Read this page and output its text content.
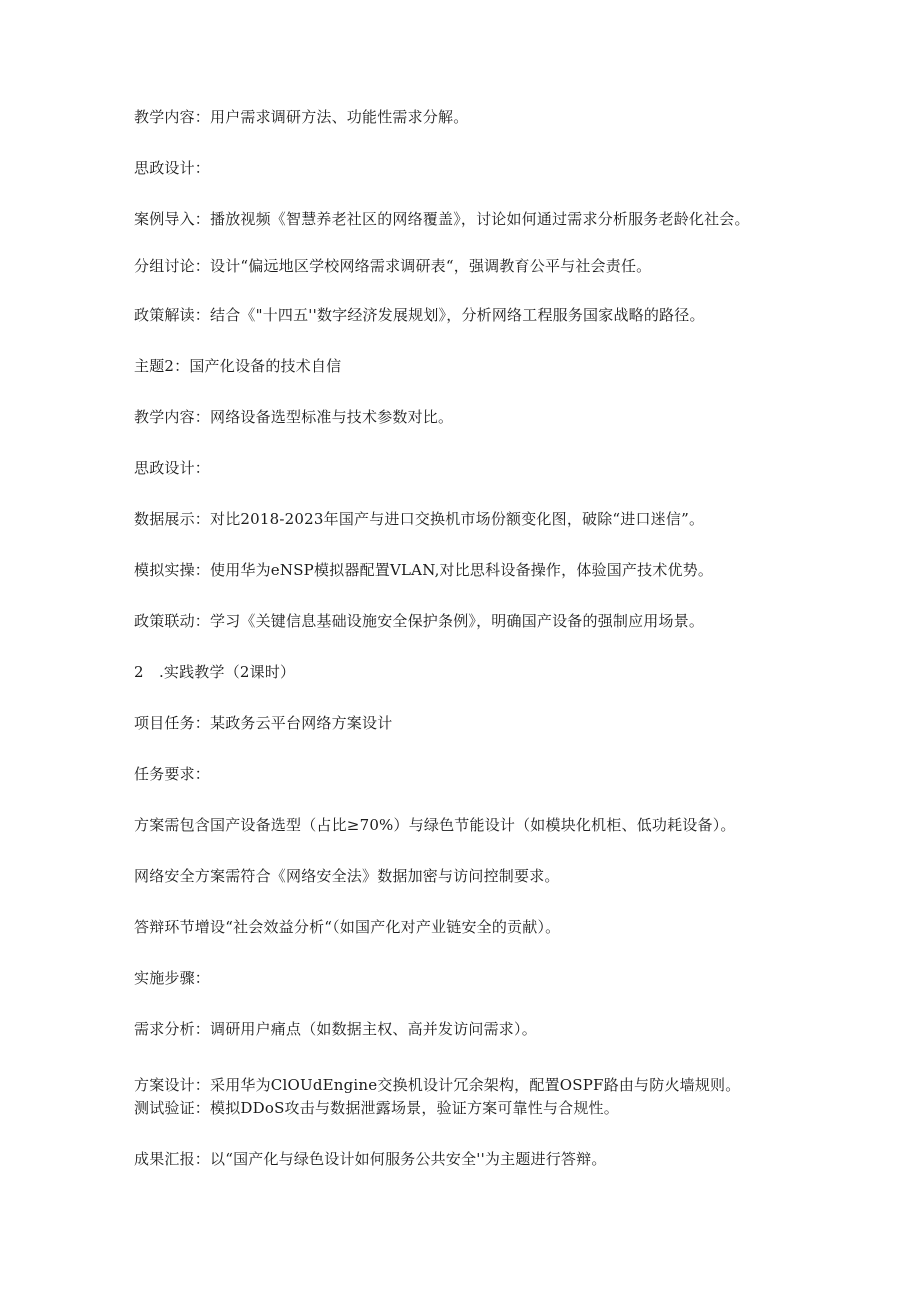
教学内容：用户需求调研方法、功能性需求分解。
思政设计：
案例导入：播放视频《智慧养老社区的网络覆盖》，讨论如何通过需求分析服务老龄化社会。
分组讨论：设计“偏远地区学校网络需求调研表“，强调教育公平与社会责任。
政策解读：结合《"十四五''数字经济发展规划》，分析网络工程服务国家战略的路径。
主题2：国产化设备的技术自信
教学内容：网络设备选型标准与技术参数对比。
思政设计：
数据展示：对比2018-2023年国产与进口交换机市场份额变化图，破除“进口迷信”。
模拟实操：使用华为eNSP模拟器配置VLAN,对比思科设备操作，体验国产技术优势。
政策联动：学习《关键信息基础设施安全保护条例》，明确国产设备的强制应用场景。
2　.实践教学（2课时）
项目任务：某政务云平台网络方案设计
任务要求：
方案需包含国产设备选型（占比≥70%）与绿色节能设计（如模块化机柜、低功耗设备）。
网络安全方案需符合《网络安全法》数据加密与访问控制要求。
答辩环节增设“社会效益分析“（如国产化对产业链安全的贡献）。
实施步骤：
需求分析：调研用户痛点（如数据主权、高并发访问需求）。
方案设计：采用华为ClOUdEngine交换机设计冗余架构，配置OSPF路由与防火墙规则。
测试验证：模拟DDoS攻击与数据泄露场景，验证方案可靠性与合规性。
成果汇报：以“国产化与绿色设计如何服务公共安全''为主题进行答辩。
